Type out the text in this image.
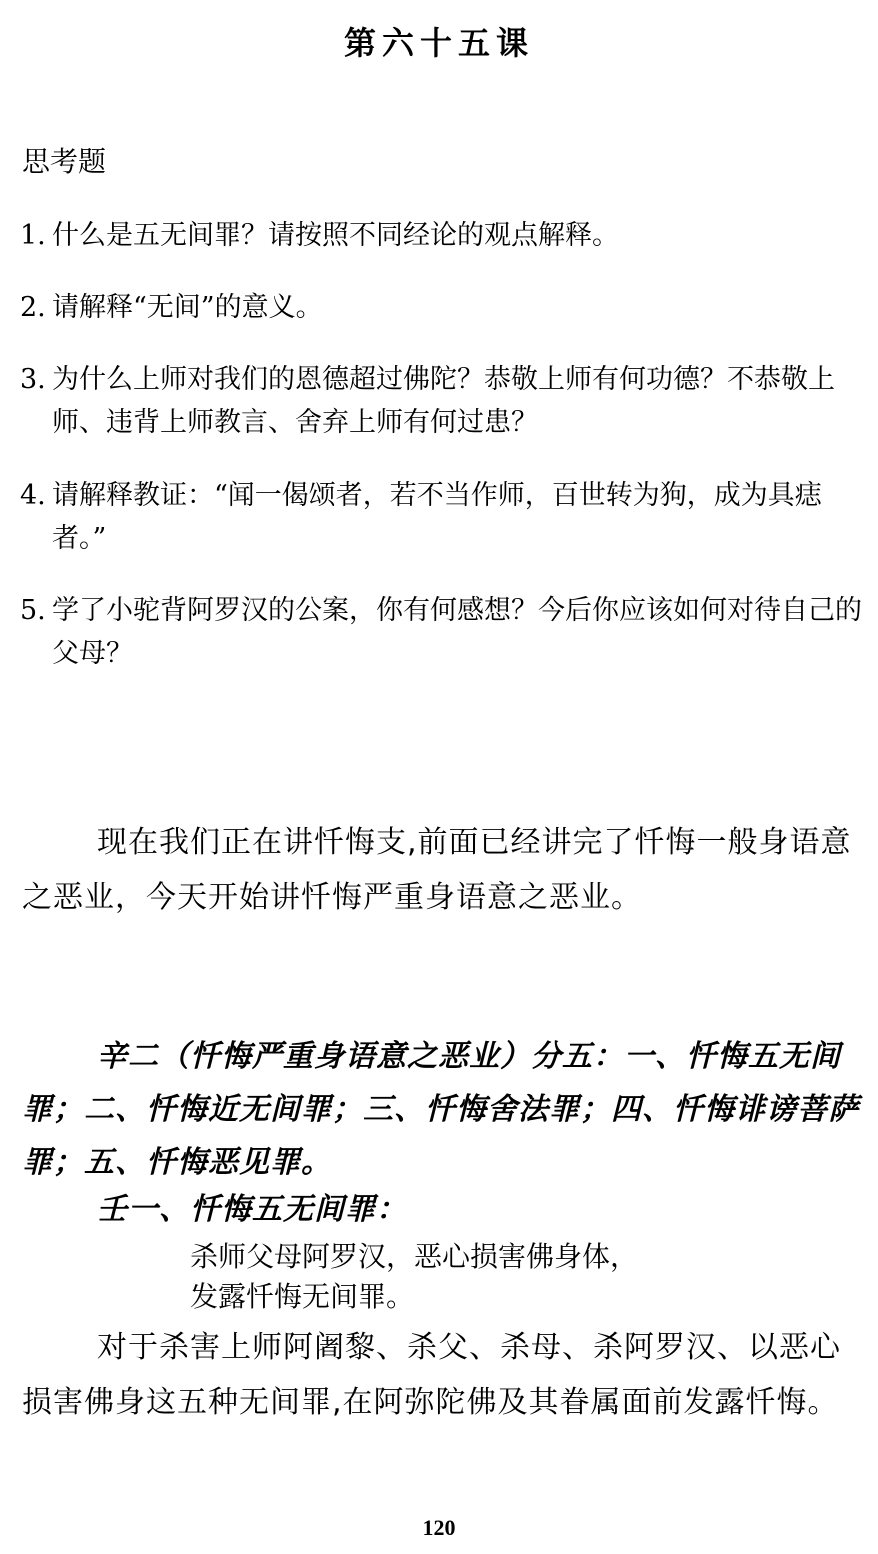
第六十五课
思考题
1. 什么是五无间罪？请按照不同经论的观点解释。
2. 请解释“无间”的意义。
3. 为什么上师对我们的恩德超过佛陀？恭敬上师有何功德？不恭敬上师、违背上师教言、舍弃上师有何过患？
4. 请解释教证：“闻一偈颂者，若不当作师，百世转为狗，成为具痣者。”
5. 学了小驼背阿罗汉的公案，你有何感想？今后你应该如何对待自己的父母？

现在我们正在讲忏悔支,前面已经讲完了忏悔一般身语意之恶业，今天开始讲忏悔严重身语意之恶业。

辛二（忏悔严重身语意之恶业）分五：一、忏悔五无间罪；二、忏悔近无间罪；三、忏悔舍法罪；四、忏悔诽谤菩萨罪；五、忏悔恶见罪。

壬一、忏悔五无间罪：

杀师父母阿罗汉，恶心损害佛身体，
发露忏悔无间罪。

对于杀害上师阿阇黎、杀父、杀母、杀阿罗汉、以恶心损害佛身这五种无间罪,在阿弥陀佛及其眷属面前发露忏悔。

120
